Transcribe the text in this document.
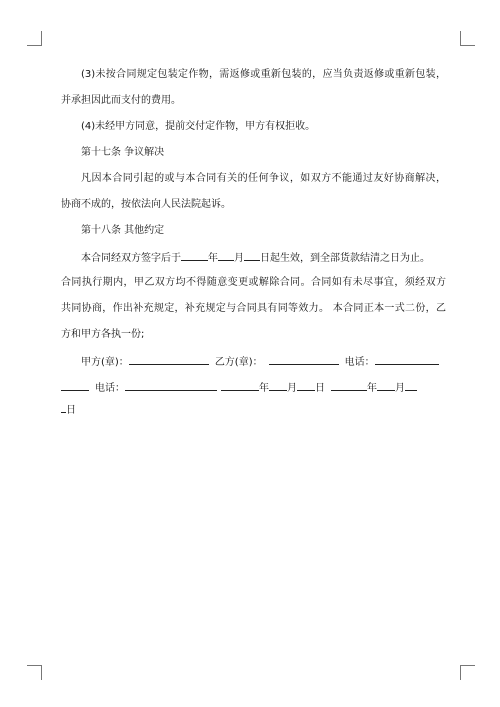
(3)未按合同规定包装定作物，需返修或重新包装的，应当负责返修或重新包装，
并承担因此而支付的费用。
(4)未经甲方同意，提前交付定作物，甲方有权拒收。
第十七条 争议解决
凡因本合同引起的或与本合同有关的任何争议，如双方不能通过友好协商解决，
协商不成的，按依法向人民法院起诉。
第十八条 其他约定
本合同经双方签字后于	年 月 日起生效，到全部货款结清之日为止。
合同执行期内，甲乙双方均不得随意变更或解除合同。合同如有未尽事宜，须经双方
共同协商，作出补充规定，补充规定与合同具有同等效力。 本合同正本一式二份，乙
方和甲方各执一份;
甲方(章)：	乙方(章)：	电话：
电话：	年 月 日	年 月
日
